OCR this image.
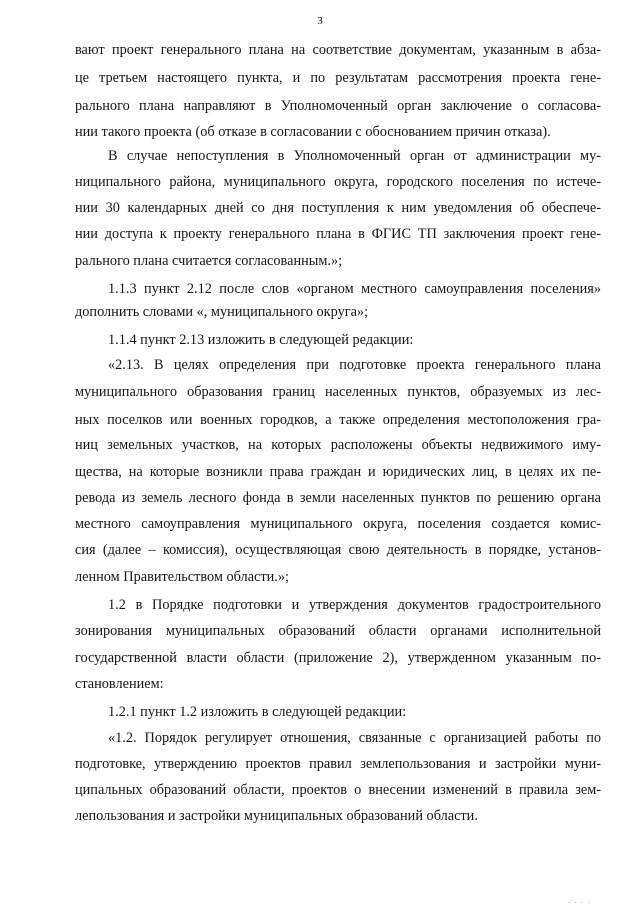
3
вают проект генерального плана на соответствие документам, указанным в абза-
це третьем настоящего пункта, и по результатам рассмотрения проекта гене-
рального плана направляют в Уполномоченный орган заключение о согласова-
нии такого проекта (об отказе в согласовании с обоснованием причин отказа).
В случае непоступления в Уполномоченный орган от администрации му-
ниципального района, муниципального округа, городского поселения по истече-
нии 30 календарных дней со дня поступления к ним уведомления об обеспече-
нии доступа к проекту генерального плана в ФГИС ТП заключения проект гене-
рального плана считается согласованным.»;
1.1.3 пункт 2.12 после слов «органом местного самоуправления поселения»
дополнить словами «, муниципального округа»;
1.1.4 пункт 2.13 изложить в следующей редакции:
«2.13. В целях определения при подготовке проекта генерального плана
муниципального образования границ населенных пунктов, образуемых из лес-
ных поселков или военных городков, а также определения местоположения гра-
ниц земельных участков, на которых расположены объекты недвижимого иму-
щества, на которые возникли права граждан и юридических лиц, в целях их пе-
ревода из земель лесного фонда в земли населенных пунктов по решению органа
местного самоуправления муниципального округа, поселения создается комис-
сия (далее – комиссия), осуществляющая свою деятельность в порядке, установ-
ленном Правительством области.»;
1.2 в Порядке подготовки и утверждения документов градостроительного
зонирования муниципальных образований области органами исполнительной
государственной власти области (приложение 2), утвержденном указанным по-
становлением:
1.2.1 пункт 1.2 изложить в следующей редакции:
«1.2. Порядок регулирует отношения, связанные с организацией работы по
подготовке, утверждению проектов правил землепользования и застройки муни-
ципальных образований области, проектов о внесении изменений в правила зем-
лепользования и застройки муниципальных образований области.
. . . .
